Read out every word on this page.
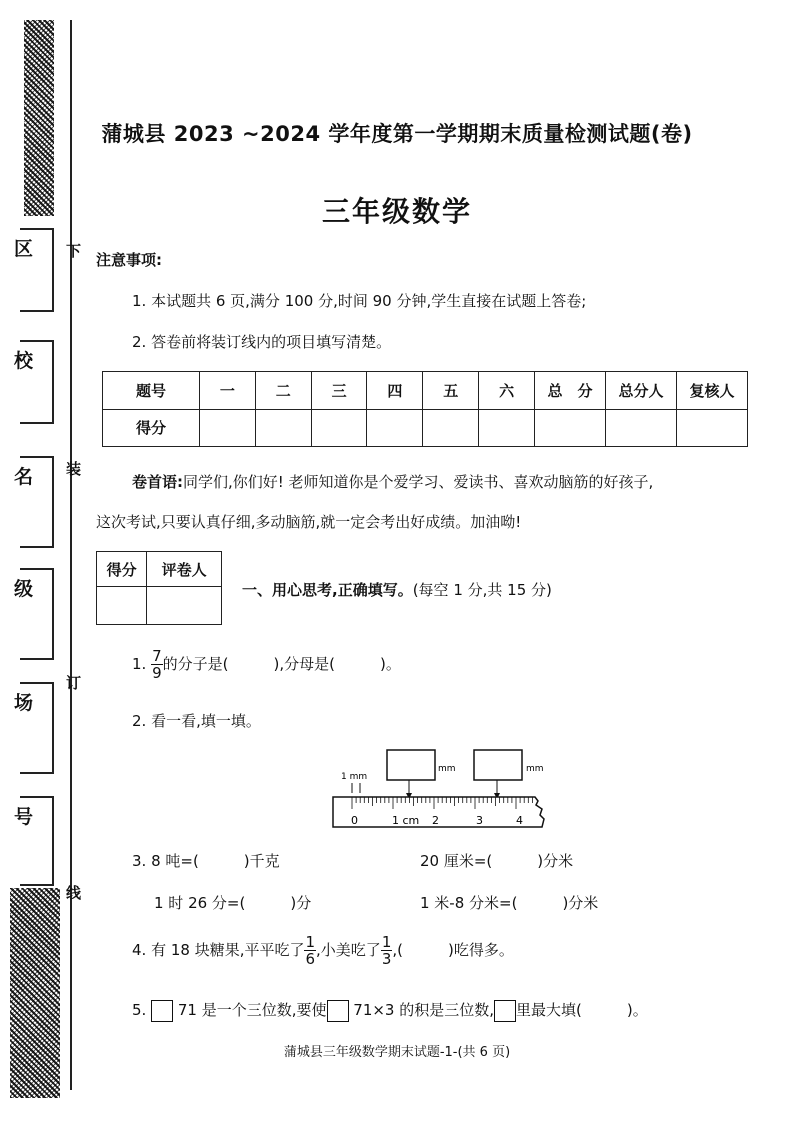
区
校
名
级
场
号
下
装
订
线
蒲城县 2023 ~2024 学年度第一学期期末质量检测试题(卷)
三年级数学
注意事项:
1. 本试题共 6 页,满分 100 分,时间 90 分钟,学生直接在试题上答卷;
2. 答卷前将装订线内的项目填写清楚。
题号	一	二	三	四	五	六	总　分	总分人	复核人
得分									
卷首语:同学们,你们好! 老师知道你是个爱学习、爱读书、喜欢动脑筋的好孩子,
这次考试,只要认真仔细,多动脑筋,就一定会考出好成绩。加油呦!
得分	评卷人

一、用心思考,正确填写。(每空 1 分,共 15 分)
1. $\frac{7}{9}$ 的分子是(　　　),分母是(　　　)。
2. 看一看,填一填。
mm	mm
1 mm
0	1 cm 2	3	4
3. 8 吨=(　　　)千克	20 厘米=(　　　)分米
1 时 26 分=(　　　)分	1 米-8 分米=(　　　)分米
4. 有 18 块糖果,平平吃了 $\frac{1}{6}$ ,小美吃了 $\frac{1}{3}$ ,(　　　)吃得多。
5. 71 是一个三位数,要使 71×3 的积是三位数, 里最大填(　　　)。
蒲城县三年级数学期末试题-1-(共 6 页)
